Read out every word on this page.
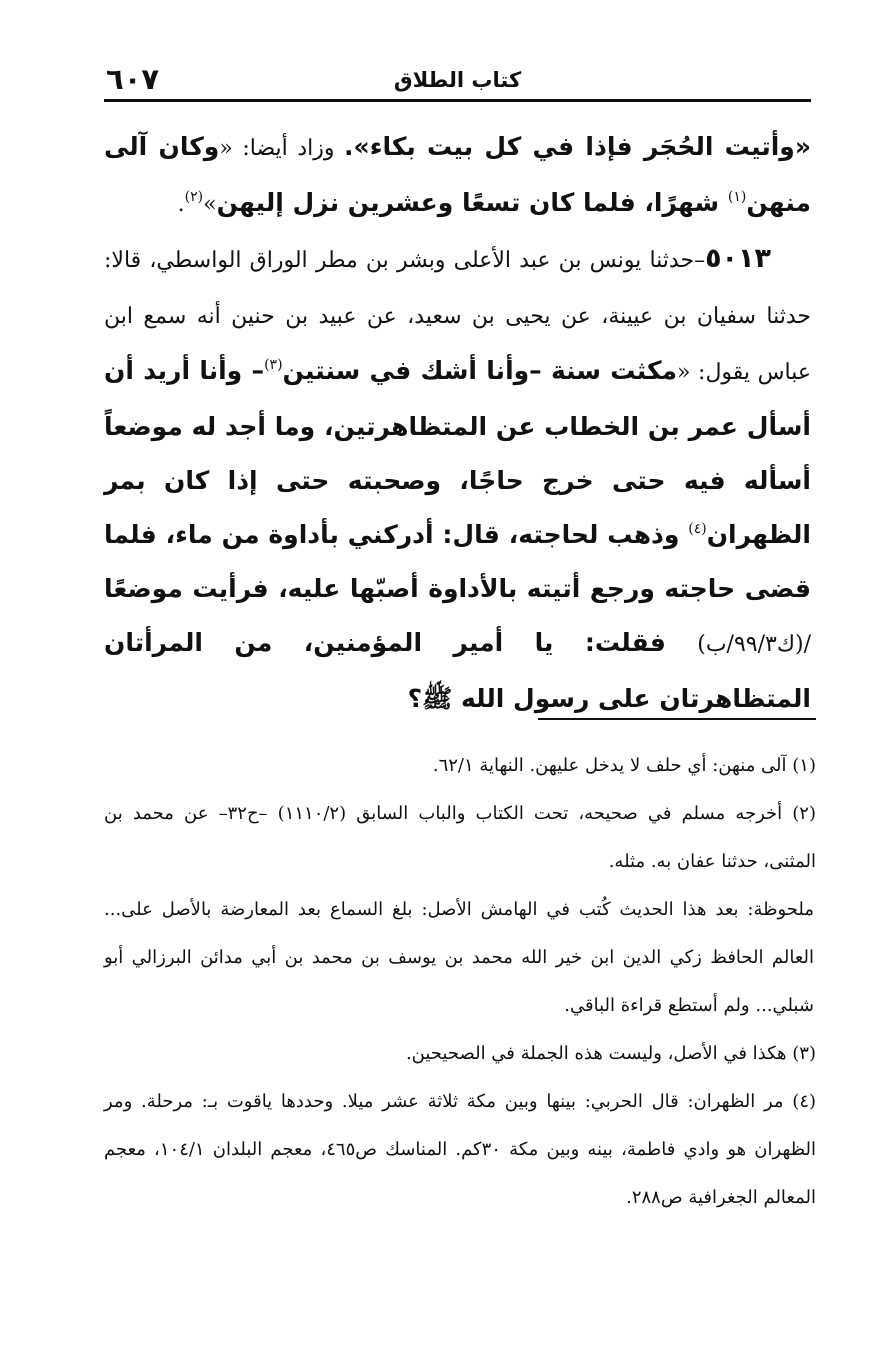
كتاب الطلاق
٦٠٧

«وأتيت الحُجَر فإذا في كل بيت بكاء». وزاد أيضا: «وكان آلى منهن$^{(١)}$ شهرًا، فلما كان تسعًا وعشرين نزل إليهن»$^{(٢)}$.

٥٠١٣–حدثنا يونس بن عبد الأعلى وبشر بن مطر الوراق الواسطي، قالا: حدثنا سفيان بن عيينة، عن يحيى بن سعيد، عن عبيد بن حنين أنه سمع ابن عباس يقول: «مكثت سنة –وأنا أشك في سنتين$^{(٣)}$– وأنا أريد أن أسأل عمر بن الخطاب عن المتظاهرتين، وما أجد له موضعاً أسأله فيه حتى خرج حاجًا، وصحبته حتى إذا كان بمر الظهران$^{(٤)}$ وذهب لحاجته، قال: أدركني بأداوة من ماء، فلما قضى حاجته ورجع أتيته بالأداوة أصبّها عليه، فرأيت موضعًا /(ك٩٩/٣/ب) فقلت: يا أمير المؤمنين، من المرأتان المتظاهرتان على رسول الله ﷺ؟

(١) آلى منهن: أي حلف لا يدخل عليهن. النهاية ٦٢/١.

(٢) أخرجه مسلم في صحيحه، تحت الكتاب والباب السابق (١١١٠/٢) –ح٣٢– عن محمد بن المثنى، حدثنا عفان به. مثله.

ملحوظة: بعد هذا الحديث كُتب في الهامش الأصل: بلغ السماع بعد المعارضة بالأصل على... العالم الحافظ زكي الدين ابن خير الله محمد بن يوسف بن محمد بن أبي مدائن البرزالي أبو شبلي... ولم أستطع قراءة الباقي.

(٣) هكذا في الأصل، وليست هذه الجملة في الصحيحين.

(٤) مر الظهران: قال الحربي: بينها وبين مكة ثلاثة عشر ميلا. وحددها ياقوت بـ: مرحلة. ومر الظهران هو وادي فاطمة، بينه وبين مكة ٣٠كم. المناسك ص٤٦٥، معجم البلدان ١٠٤/١، معجم المعالم الجغرافية ص٢٨٨.
